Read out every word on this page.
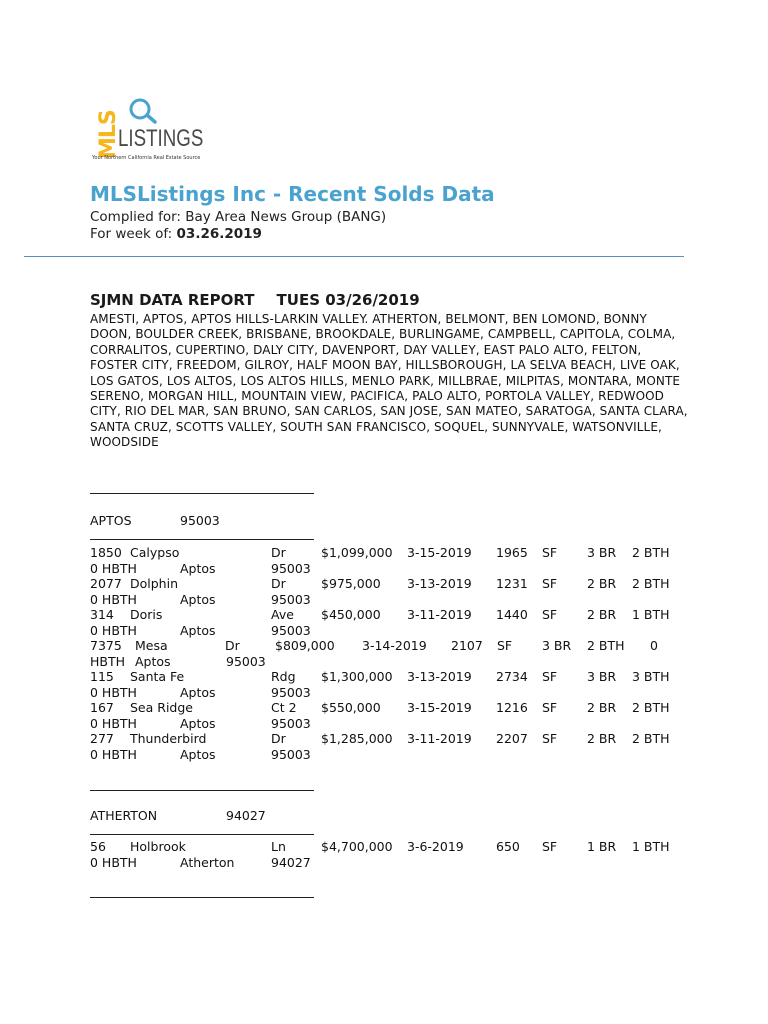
MLS
LISTINGS
Your Northern California Real Estate Source
MLSListings Inc - Recent Solds Data
Complied for: Bay Area News Group (BANG)
For week of: 03.26.2019
SJMN DATA REPORT TUES 03/26/2019
AMESTI, APTOS, APTOS HILLS-LARKIN VALLEY. ATHERTON, BELMONT, BEN LOMOND, BONNY DOON, BOULDER CREEK, BRISBANE, BROOKDALE, BURLINGAME, CAMPBELL, CAPITOLA, COLMA, CORRALITOS, CUPERTINO, DALY CITY, DAVENPORT, DAY VALLEY, EAST PALO ALTO, FELTON, FOSTER CITY, FREEDOM, GILROY, HALF MOON BAY, HILLSBOROUGH, LA SELVA BEACH, LIVE OAK, LOS GATOS, LOS ALTOS, LOS ALTOS HILLS, MENLO PARK, MILLBRAE, MILPITAS, MONTARA, MONTE SERENO, MORGAN HILL, MOUNTAIN VIEW, PACIFICA, PALO ALTO, PORTOLA VALLEY, REDWOOD CITY, RIO DEL MAR, SAN BRUNO, SAN CARLOS, SAN JOSE, SAN MATEO, SARATOGA, SANTA CLARA, SANTA CRUZ, SCOTTS VALLEY, SOUTH SAN FRANCISCO, SOQUEL, SUNNYVALE, WATSONVILLE, WOODSIDE
APTOS	95003
1850 Calypso	Dr	$1,099,000 3-15-2019 1965 SF 3 BR 2 BTH
0 HBTH	Aptos	95003
2077 Dolphin	Dr	$975,000 3-13-2019 1231 SF 2 BR 2 BTH
0 HBTH	Aptos	95003
314 Doris	Ave $450,000 3-11-2019 1440 SF 2 BR 1 BTH
0 HBTH	Aptos	95003
7375 Mesa	Dr	$809,000 3-14-2019 2107 SF 3 BR 2 BTH 0
HBTH Aptos	95003
115 Santa Fe	Rdg $1,300,000 3-13-2019 2734 SF 3 BR 3 BTH
0 HBTH	Aptos	95003
167 Sea Ridge	Ct 2 $550,000 3-15-2019 1216 SF 2 BR 2 BTH
0 HBTH	Aptos	95003
277 Thunderbird	Dr	$1,285,000 3-11-2019 2207 SF 2 BR 2 BTH
0 HBTH	Aptos	95003
ATHERTON	94027
56 Holbrook	Ln	$4,700,000 3-6-2019	650 SF 1 BR 1 BTH
0 HBTH	Atherton	94027
